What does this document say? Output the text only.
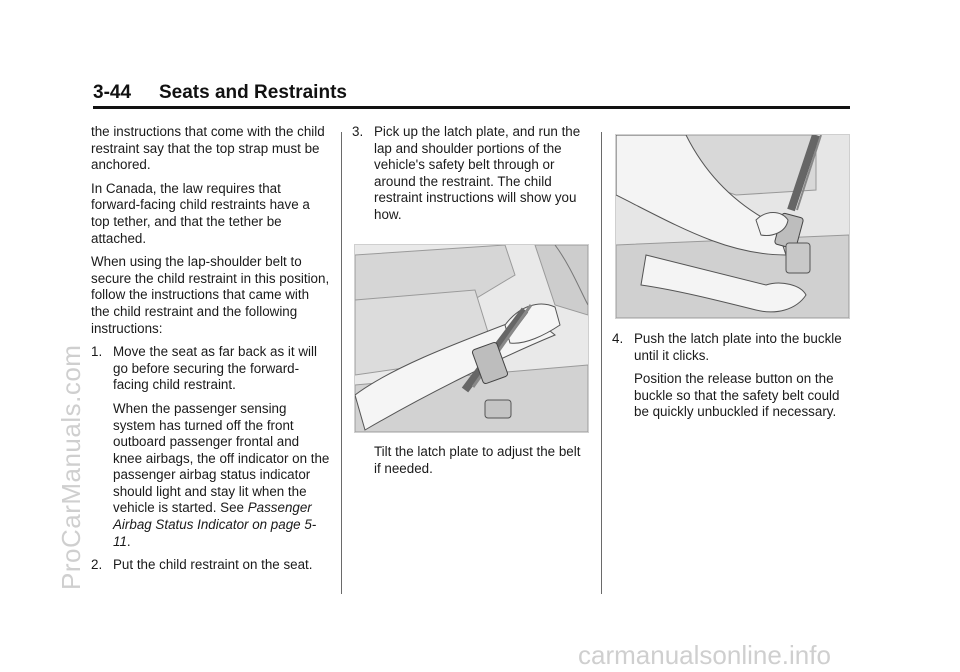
3-44 Seats and Restraints

the instructions that come with the child restraint say that the top strap must be anchored.

In Canada, the law requires that forward-facing child restraints have a top tether, and that the tether be attached.

When using the lap-shoulder belt to secure the child restraint in this position, follow the instructions that came with the child restraint and the following instructions:

1. Move the seat as far back as it will go before securing the forward-facing child restraint.

When the passenger sensing system has turned off the front outboard passenger frontal and knee airbags, the off indicator on the passenger airbag status indicator should light and stay lit when the vehicle is started. See Passenger Airbag Status Indicator on page 5-11.

2. Put the child restraint on the seat.
3. Pick up the latch plate, and run the lap and shoulder portions of the vehicle's safety belt through or around the restraint. The child restraint instructions will show you how.
Tilt the latch plate to adjust the belt if needed.
4. Push the latch plate into the buckle until it clicks.

Position the release button on the buckle so that the safety belt could be quickly unbuckled if necessary.

ProCarManuals.com
carmanualsonline.info
